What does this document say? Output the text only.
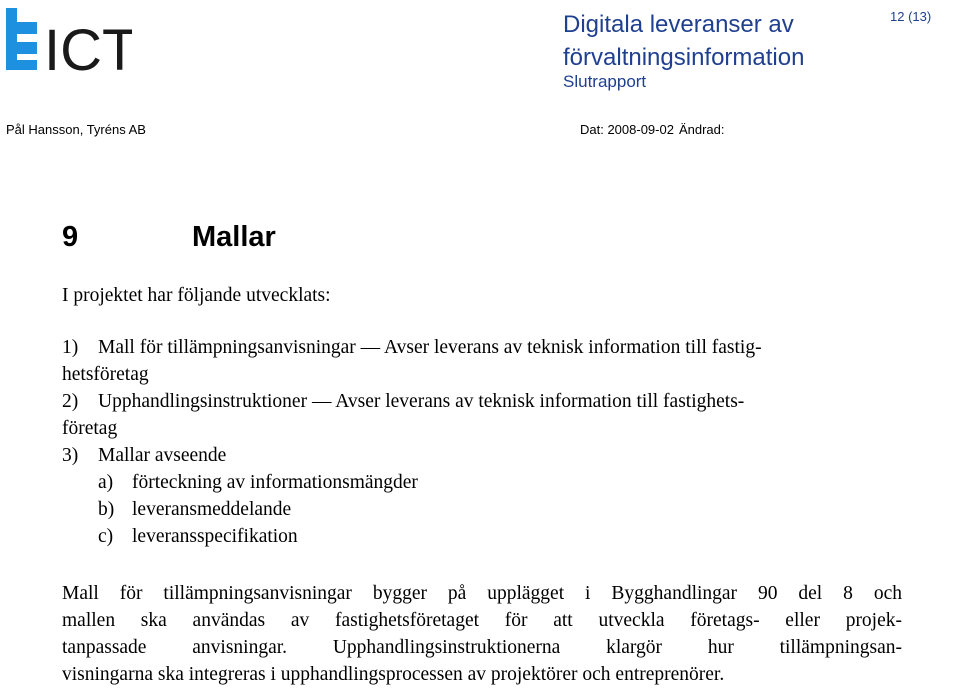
ICT	Digitala leveranser av förvaltningsinformation
Slutrapport
12 (13)
Pål Hansson, Tyréns AB	Dat: 2008-09-02 Ändrad:
9	Mallar
I projektet har följande utvecklats:
1) Mall för tillämpningsanvisningar — Avser leverans av teknisk information till fastig-
hetsföretag
2) Upphandlingsinstruktioner — Avser leverans av teknisk information till fastighets-
företag
3) Mallar avseende
a) förteckning av informationsmängder
b) leveransmeddelande
c) leveransspecifikation
Mall för tillämpningsanvisningar bygger på upplägget i Bygghandlingar 90 del 8 och
mallen ska användas av fastighetsföretaget för att utveckla företags- eller projek-
tanpassade anvisningar. Upphandlingsinstruktionerna klargör hur tillämpningsan-
visningarna ska integreras i upphandlingsprocessen av projektörer och entreprenörer.
